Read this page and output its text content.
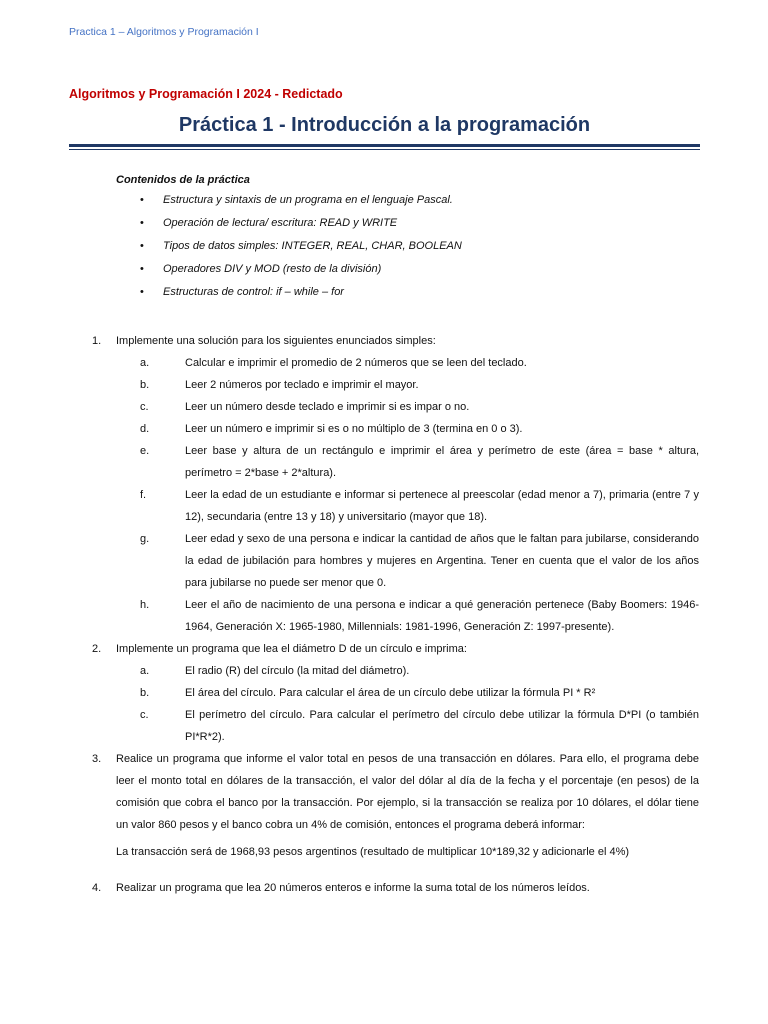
Practica 1 – Algoritmos y Programación I
Algoritmos y Programación I 2024 - Redictado
Práctica 1 - Introducción a la programación
Contenidos de la práctica
• Estructura y sintaxis de un programa en el lenguaje Pascal.
• Operación de lectura/ escritura: READ y WRITE
• Tipos de datos simples: INTEGER, REAL, CHAR, BOOLEAN
• Operadores DIV y MOD (resto de la división)
• Estructuras de control: if – while – for
1. Implemente una solución para los siguientes enunciados simples:
a.	Calcular e imprimir el promedio de 2 números que se leen del teclado.
b.	Leer 2 números por teclado e imprimir el mayor.
c.	Leer un número desde teclado e imprimir si es impar o no.
d.	Leer un número e imprimir si es o no múltiplo de 3 (termina en 0 o 3).
e.	Leer base y altura de un rectángulo e imprimir el área y perímetro de este (área = base * altura, perímetro = 2*base + 2*altura).
f.	Leer la edad de un estudiante e informar si pertenece al preescolar (edad menor a 7), primaria (entre 7 y 12), secundaria (entre 13 y 18) y universitario (mayor que 18).
g.	Leer edad y sexo de una persona e indicar la cantidad de años que le faltan para jubilarse, considerando la edad de jubilación para hombres y mujeres en Argentina. Tener en cuenta que el valor de los años para jubilarse no puede ser menor que 0.
h.	Leer el año de nacimiento de una persona e indicar a qué generación pertenece (Baby Boomers: 1946-1964, Generación X: 1965-1980, Millennials: 1981-1996, Generación Z: 1997-presente).
2. Implemente un programa que lea el diámetro D de un círculo e imprima:
a.	El radio (R) del círculo (la mitad del diámetro).
b.	El área del círculo. Para calcular el área de un círculo debe utilizar la fórmula PI * R²
c.	El perímetro del círculo. Para calcular el perímetro del círculo debe utilizar la fórmula D*PI (o también PI*R*2).
3. Realice un programa que informe el valor total en pesos de una transacción en dólares. Para ello, el programa debe leer el monto total en dólares de la transacción, el valor del dólar al día de la fecha y el porcentaje (en pesos) de la comisión que cobra el banco por la transacción. Por ejemplo, si la transacción se realiza por 10 dólares, el dólar tiene un valor 860 pesos y el banco cobra un 4% de comisión, entonces el programa deberá informar:
La transacción será de 1968,93 pesos argentinos (resultado de multiplicar 10*189,32 y adicionarle el 4%)
4. Realizar un programa que lea 20 números enteros e informe la suma total de los números leídos.
